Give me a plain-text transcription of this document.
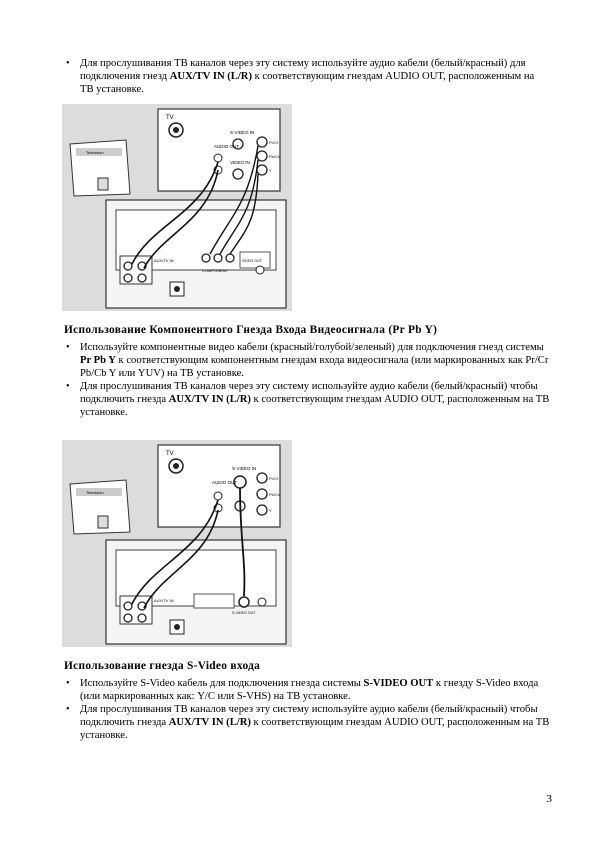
• Для прослушивания ТВ каналов через эту систему используйте аудио кабели (белый/красный) для подключения гнезд AUX/TV IN (L/R) к соответствующим гнездам AUDIO OUT, расположенным на ТВ установке.

TV
S-VIDEO IN
AUDIO OUT
VIDEO IN
Pr/Cr
Pb/Cb
Y
Television
AUX/TV IN
COMPONENT
VIDEO OUT
Использование Компонентного Гнезда Входа Видеосигнала (Pr Pb Y)

• Используйте компонентные видео кабели (красный/голубой/зеленый) для подключения гнезд системы Pr Pb Y к соответствующим компонентным гнездам входа видеосигнала (или маркированных как Pr/Cr Pb/Cb Y или YUV) на ТВ установке.

• Для прослушивания ТВ каналов через эту систему используйте аудио кабели (белый/красный) чтобы подключить гнезда AUX/TV IN (L/R) к соответствующим гнездам AUDIO OUT, расположенным на ТВ установке.

TV
S-VIDEO IN
AUDIO OUT
Pr/Cr
Pb/Cb
Y
Television
AUX/TV IN
S-VIDEO OUT
Использование гнезда S-Video входа

• Используйте S-Video кабель для подключения гнезда системы S-VIDEO OUT к гнезду S-Video входа (или маркированных как: Y/C или S-VHS) на ТВ установке.

• Для прослушивания ТВ каналов через эту систему используйте аудио кабели (белый/красный) чтобы подключить гнезда AUX/TV IN (L/R) к соответствующим гнездам AUDIO OUT, расположенным на ТВ установке.

3
